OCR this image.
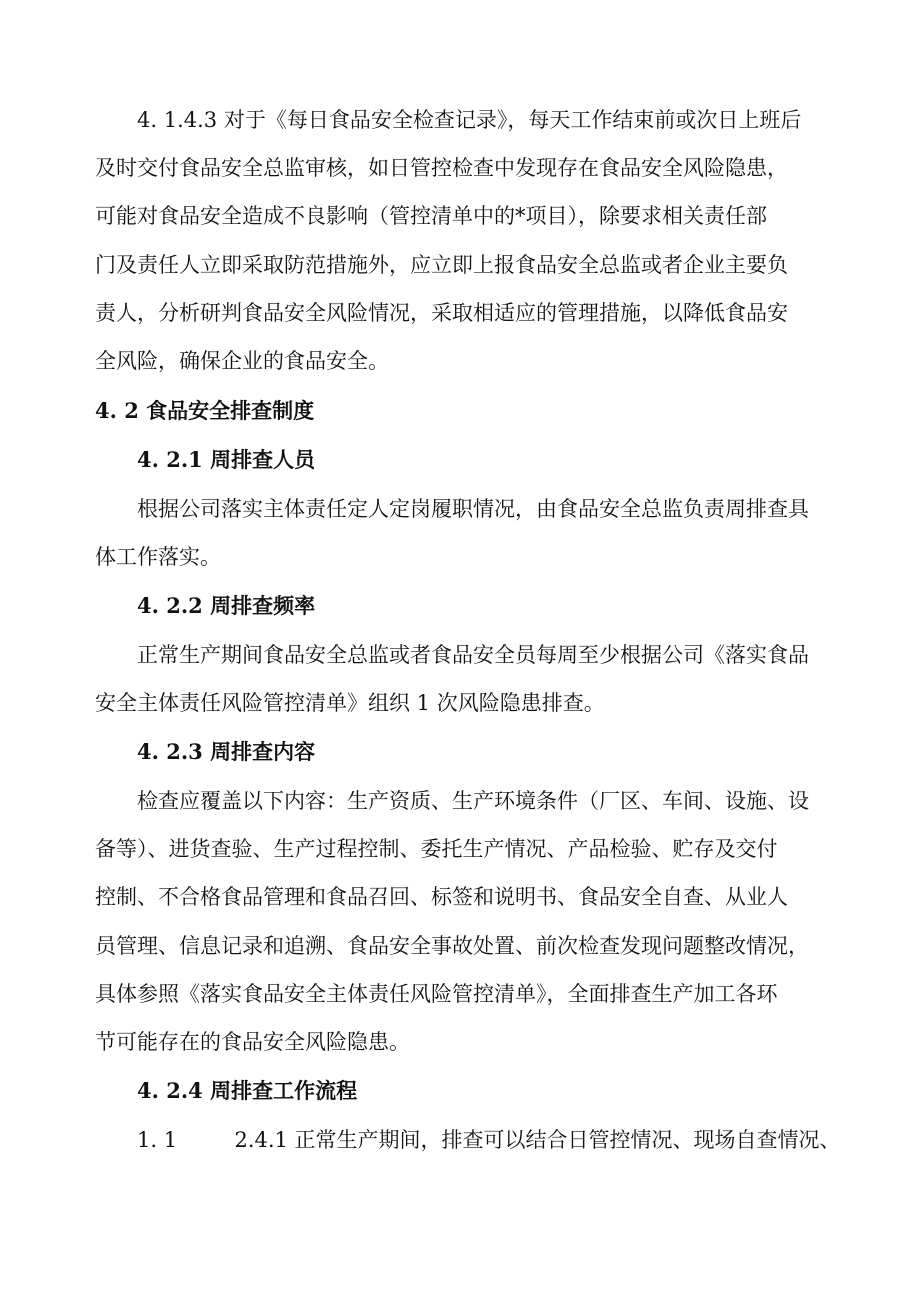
4. 1.4.3 对于《每日食品安全检查记录》，每天工作结束前或次日上班后
及时交付食品安全总监审核，如日管控检查中发现存在食品安全风险隐患，
可能对食品安全造成不良影响（管控清单中的*项目），除要求相关责任部
门及责任人立即采取防范措施外，应立即上报食品安全总监或者企业主要负
责人，分析研判食品安全风险情况，采取相适应的管理措施，以降低食品安
全风险，确保企业的食品安全。
4. 2 食品安全排查制度
4. 2.1 周排查人员
根据公司落实主体责任定人定岗履职情况，由食品安全总监负责周排查具
体工作落实。
4. 2.2 周排查频率
正常生产期间食品安全总监或者食品安全员每周至少根据公司《落实食品
安全主体责任风险管控清单》组织 1 次风险隐患排查。
4. 2.3 周排查内容
检查应覆盖以下内容：生产资质、生产环境条件（厂区、车间、设施、设
备等）、进货查验、生产过程控制、委托生产情况、产品检验、贮存及交付
控制、不合格食品管理和食品召回、标签和说明书、食品安全自查、从业人
员管理、信息记录和追溯、食品安全事故处置、前次检查发现问题整改情况，
具体参照《落实食品安全主体责任风险管控清单》，全面排查生产加工各环
节可能存在的食品安全风险隐患。
4. 2.4 周排查工作流程
1. 1	2.4.1 正常生产期间，排查可以结合日管控情况、现场自查情况、
